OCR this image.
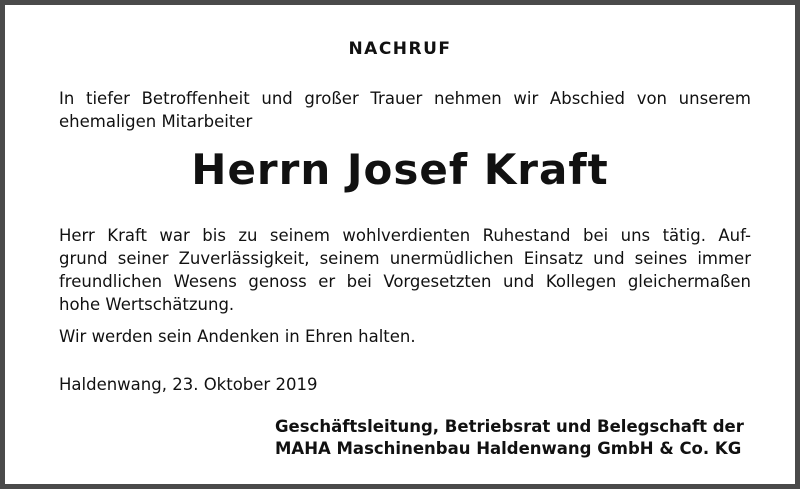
NACHRUF
In tiefer Betroffenheit und großer Trauer nehmen wir Abschied von unserem
ehemaligen Mitarbeiter
Herrn Josef Kraft
Herr Kraft war bis zu seinem wohlverdienten Ruhestand bei uns tätig. Auf-
grund seiner Zuverlässigkeit, seinem unermüdlichen Einsatz und seines immer
freundlichen Wesens genoss er bei Vorgesetzten und Kollegen gleichermaßen
hohe Wertschätzung.
Wir werden sein Andenken in Ehren halten.
Haldenwang, 23. Oktober 2019
Geschäftsleitung, Betriebsrat und Belegschaft der
MAHA Maschinenbau Haldenwang GmbH & Co. KG
